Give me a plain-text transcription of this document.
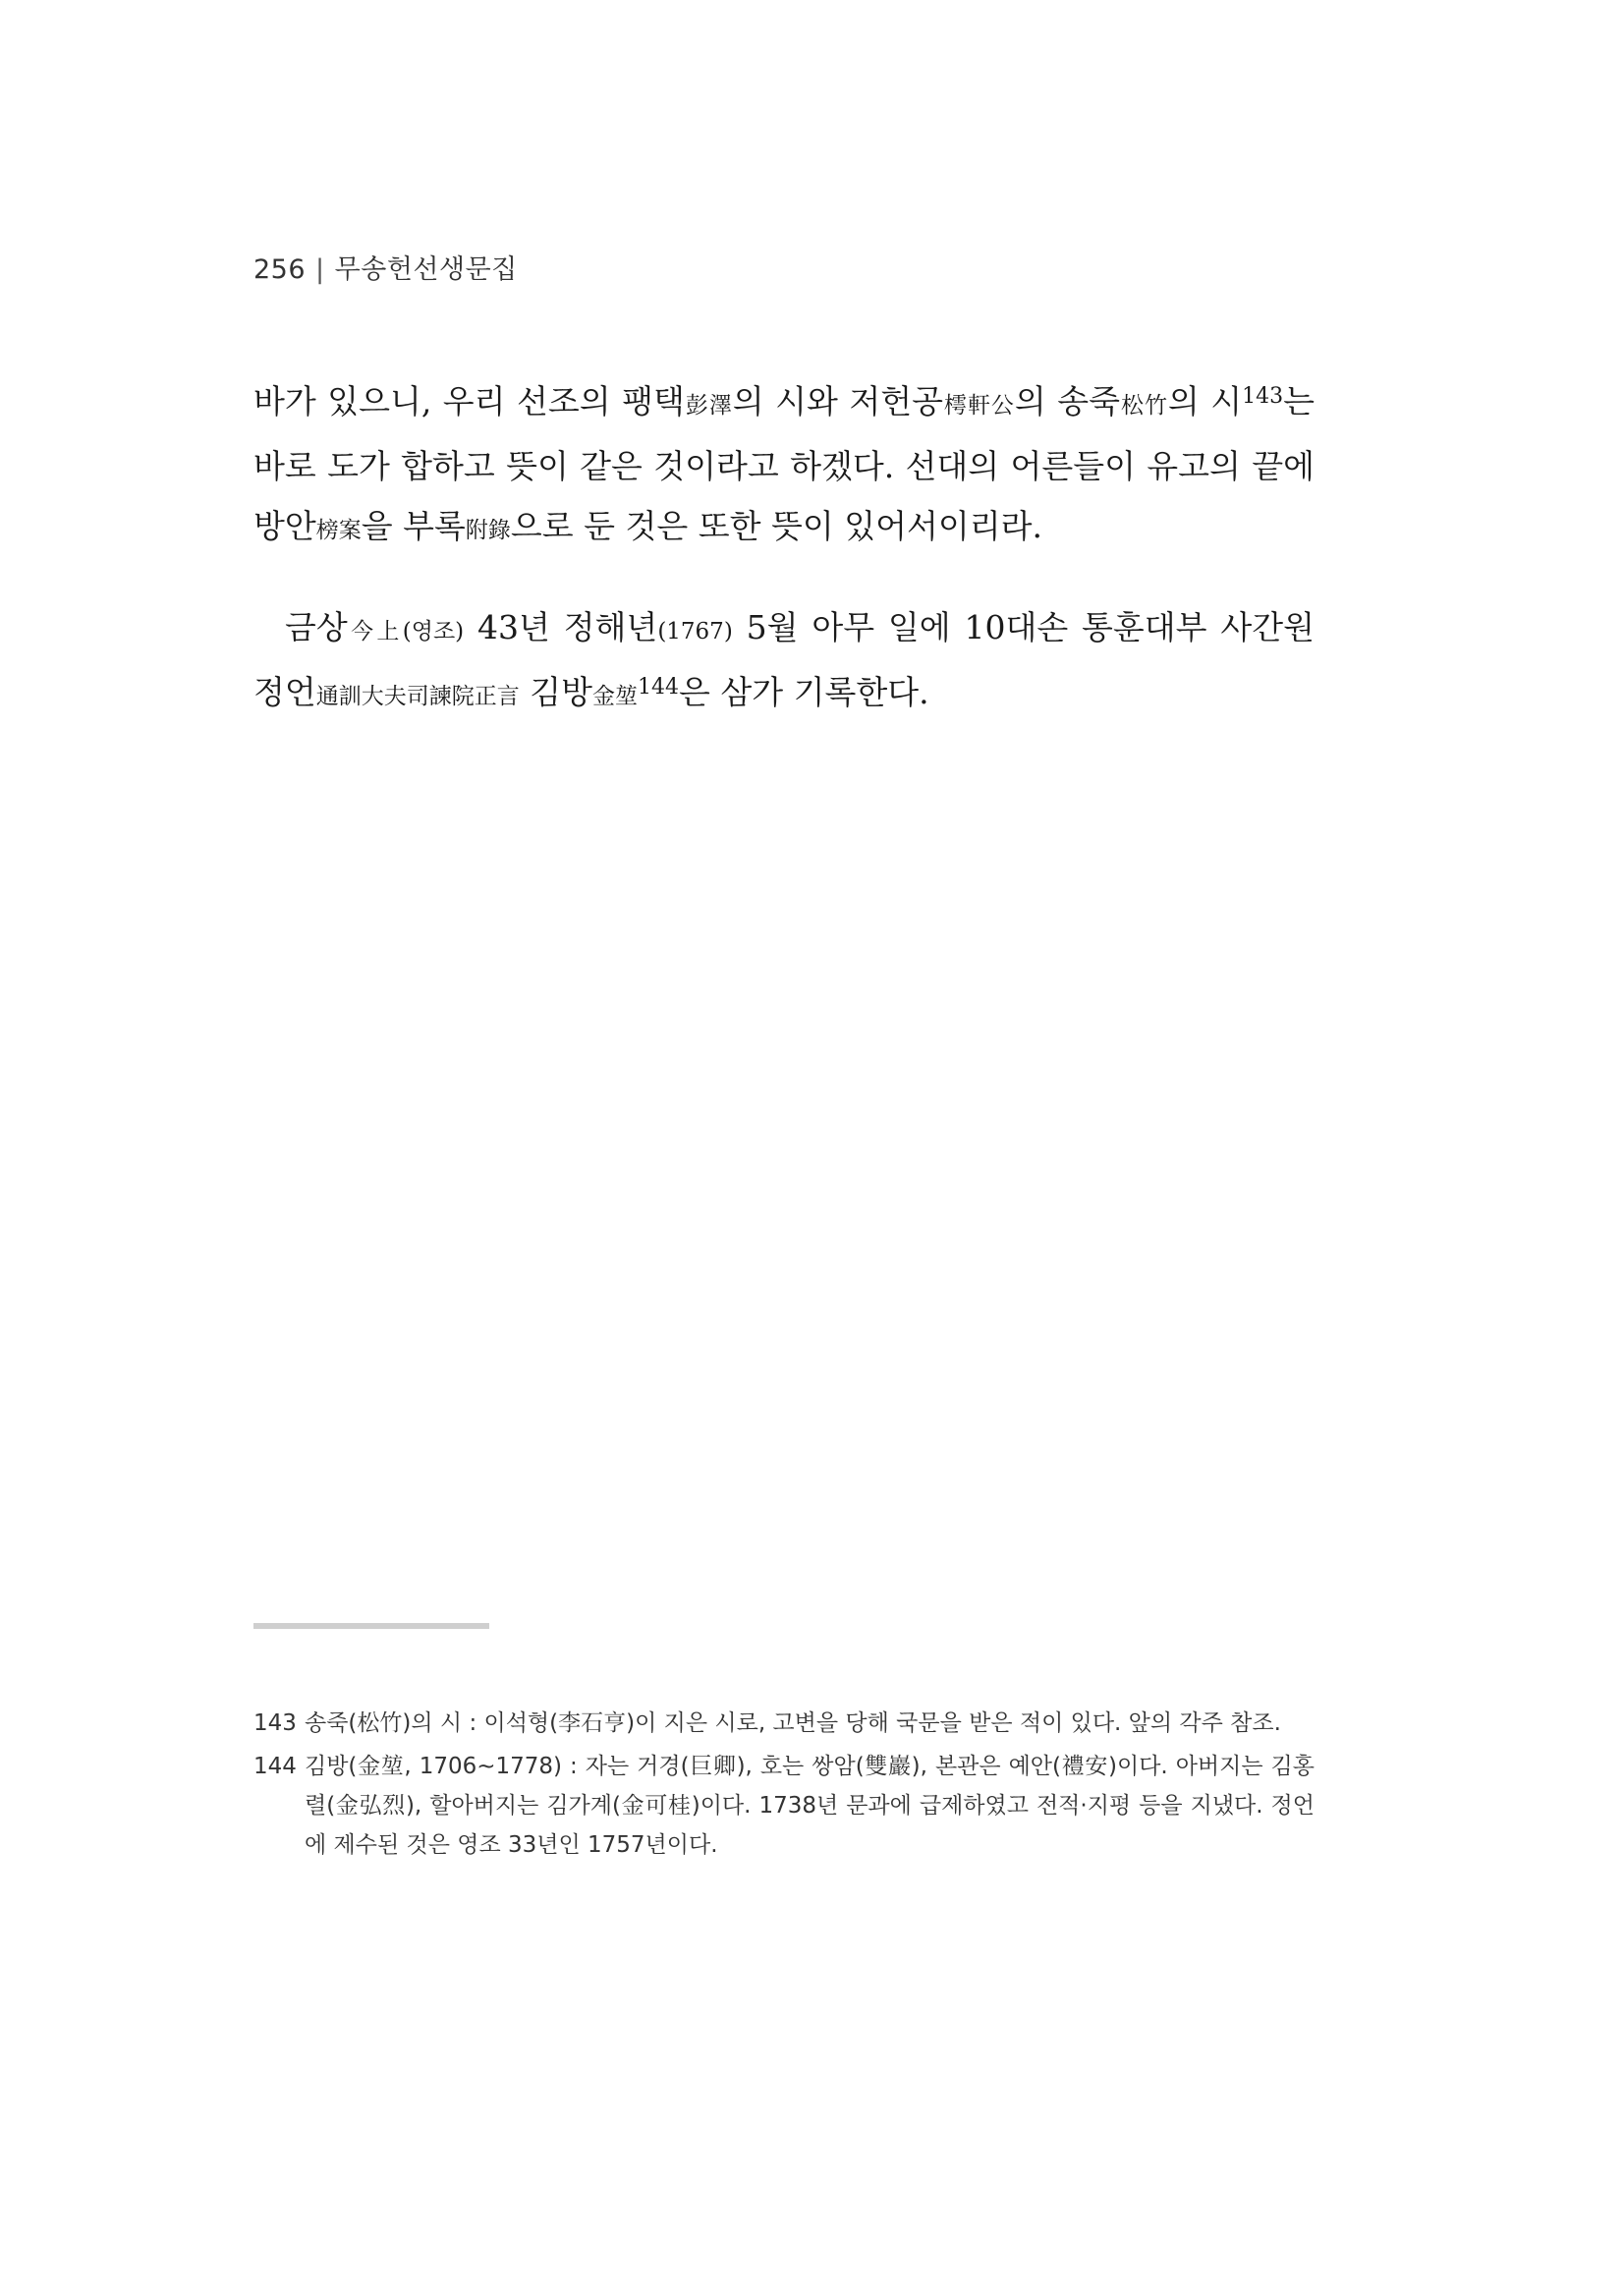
256 | 무송헌선생문집
바가 있으니, 우리 선조의 팽택彭澤의 시와 저헌공樗軒公의 송죽松竹의 시$^{143}$는 바로 도가 합하고 뜻이 같은 것이라고 하겠다. 선대의 어른들이 유고의 끝에 방안榜案을 부록附錄으로 둔 것은 또한 뜻이 있어서이리라.
금상今上(영조) 43년 정해년(1767) 5월 아무 일에 10대손 통훈대부 사간원 정언通訓大夫司諫院正言 김방金堃$^{144}$은 삼가 기록한다.
143 송죽(松竹)의 시 : 이석형(李石亨)이 지은 시로, 고변을 당해 국문을 받은 적이 있다. 앞의 각주 참조.
144 김방(金堃, 1706~1778) : 자는 거경(巨卿), 호는 쌍암(雙巖), 본관은 예안(禮安)이다. 아버지는 김홍렬(金弘烈), 할아버지는 김가계(金可桂)이다. 1738년 문과에 급제하였고 전적·지평 등을 지냈다. 정언에 제수된 것은 영조 33년인 1757년이다.
